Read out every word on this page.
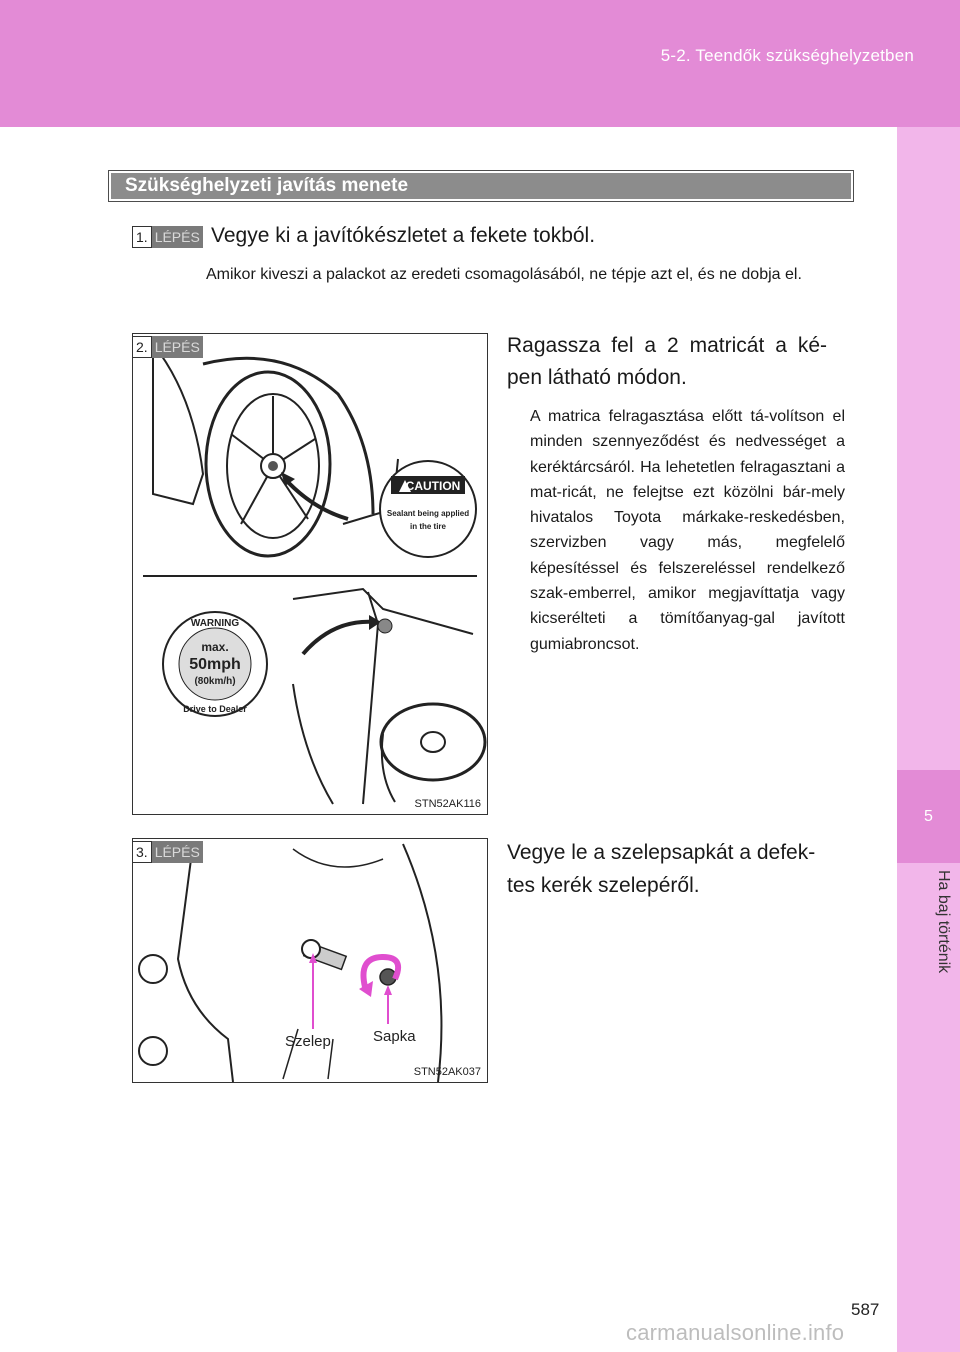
5-2. Teendők szükséghelyzetben
5
Ha baj történik
Szükséghelyzeti javítás menete
1. LÉPÉS Vegye ki a javítókészletet a fekete tokból.
Amikor kiveszi a palackot az eredeti csomagolásából, ne tépje azt el, és ne dobja el.
CAUTION
Sealant being applied
in the tire
WARNING
max.
50mph
(80km/h)
Drive to Dealer
STN52AK116
2. LÉPÉS	Ragassza fel a 2 matricát a ké-pen látható módon.
A matrica felragasztása előtt tá-volítson el minden szennyeződést és nedvességet a keréktárcsáról. Ha lehetetlen felragasztani a mat-ricát, ne felejtse ezt közölni bár-mely hivatalos Toyota márkake-reskedésben, szervizben vagy más, megfelelő képesítéssel és felszereléssel rendelkező szak-emberrel, amikor megjavíttatja vagy kicserélteti a tömítőanyag-gal javított gumiabroncsot.
Szelep	Sapka
STN52AK037
3. LÉPÉS	Vegye le a szelepsapkát a defek-tes kerék szelepéről.
587
carmanualsonline.info
